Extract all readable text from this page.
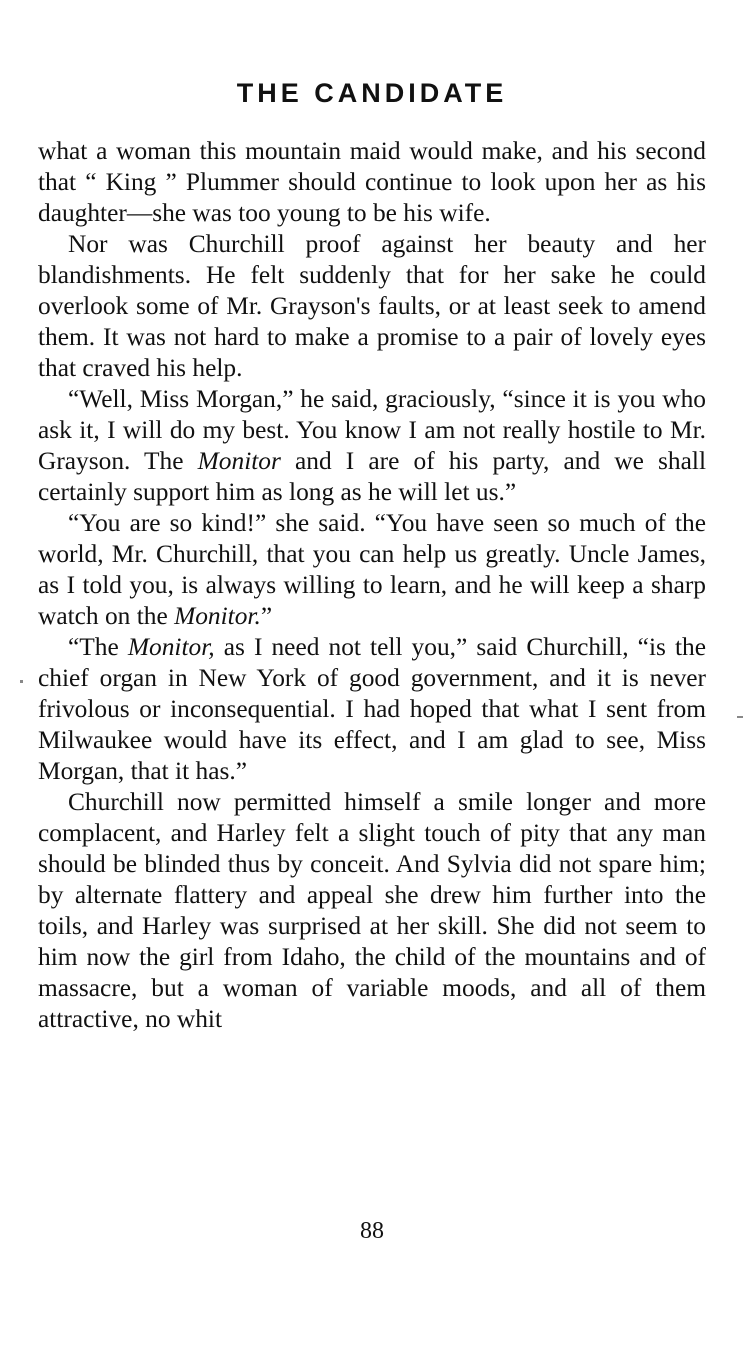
THE CANDIDATE

what a woman this mountain maid would make, and his second that “ King ” Plummer should continue to look upon her as his daughter—she was too young to be his wife.

Nor was Churchill proof against her beauty and her blandishments. He felt suddenly that for her sake he could overlook some of Mr. Grayson's faults, or at least seek to amend them. It was not hard to make a promise to a pair of lovely eyes that craved his help.

“Well, Miss Morgan,” he said, graciously, “since it is you who ask it, I will do my best. You know I am not really hostile to Mr. Grayson. The Monitor and I are of his party, and we shall certainly support him as long as he will let us.”

“You are so kind!” she said. “You have seen so much of the world, Mr. Churchill, that you can help us greatly. Uncle James, as I told you, is always willing to learn, and he will keep a sharp watch on the Monitor.”

“The Monitor, as I need not tell you,” said Churchill, “is the chief organ in New York of good government, and it is never frivolous or inconsequential. I had hoped that what I sent from Milwaukee would have its effect, and I am glad to see, Miss Morgan, that it has.”

Churchill now permitted himself a smile longer and more complacent, and Harley felt a slight touch of pity that any man should be blinded thus by conceit. And Sylvia did not spare him; by alternate flattery and appeal she drew him further into the toils, and Harley was surprised at her skill. She did not seem to him now the girl from Idaho, the child of the mountains and of massacre, but a woman of variable moods, and all of them attractive, no whit

88
